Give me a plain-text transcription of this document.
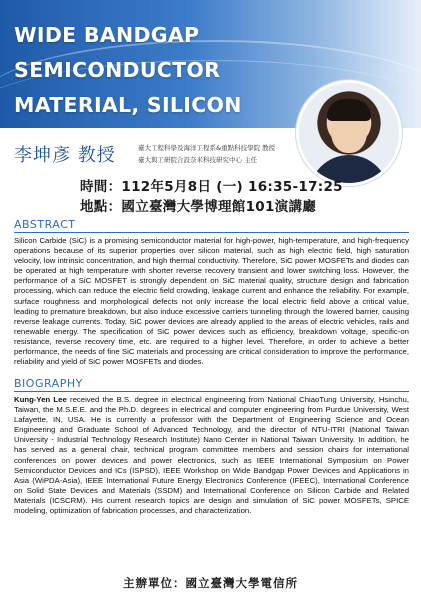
WIDE BANDGAP SEMICONDUCTOR
MATERIAL, SILICON
李坤彥 教授	臺大工程科學及海洋工程系&重點科技學院 教授
臺大與工研院合設奈米科技研究中心 主任
時間：112年5月8日 (一) 16:35-17:25
地點：國立臺灣大學博理館101演講廳
ABSTRACT

Silicon Carbide (SiC) is a promising semiconductor material for high-power, high-temperature, and high-frequency operations because of its superior properties over silicon material, such as high electric field, high saturation velocity, low intrinsic concentration, and high thermal conductivity. Therefore, SiC power MOSFETs and diodes can be operated at high temperature with shorter reverse recovery transient and lower switching loss. However, the performance of a SiC MOSFET is strongly dependent on SiC material quality, structure design and fabrication processing, which can reduce the electric field crowding, leakage current and enhance the reliability. For example, surface roughness and morphological defects not only increase the local electric field above a critical value, leading to premature breakdown, but also induce excessive carriers tunneling through the lowered barrier, causing reverse leakage currents. Today, SiC power devices are already applied to the areas of electric vehicles, rails and renewable energy. The specification of SiC power devices such as efficiency, breakdown voltage, specific-on resistance, reverse recovery time, etc. are required to a higher level. Therefore, in order to achieve a better performance, the needs of fine SiC materials and processing are critical consideration to improve the performance, reliability and yield of SiC power MOSFETs and diodes.

BIOGRAPHY

Kung-Yen Lee received the B.S. degree in electrical engineering from National ChiaoTung University, Hsinchu, Taiwan, the M.S.E.E. and the Ph.D. degrees in electrical and computer engineering from Purdue University, West Lafayette, IN, USA. He is currently a professor with the Department of Engineering Science and Ocean Engineering and Graduate School of Advanced Technology, and the director of NTU-ITRI (National Taiwan University - Industrial Technology Research Institute) Nano Center in National Taiwan University. In addition, he has served as a general chair, technical program committee members and session chairs for international conferences on power devices and power electronics, such as IEEE International Symposium on Power Semiconductor Devices and ICs (ISPSD), IEEE Workshop on Wide Bandgap Power Devices and Applications in Asia (WiPDA-Asia), IEEE International Future Energy Electronics Conference (IFEEC), International Conference on Solid State Devices and Materials (SSDM) and International Conference on Silicon Carbide and Related Materials (ICSCRM). His current research topics are design and simulation of SiC power MOSFETs, SPICE modeling, optimization of fabrication processes, and characterization.

主辦單位：國立臺灣大學電信所
